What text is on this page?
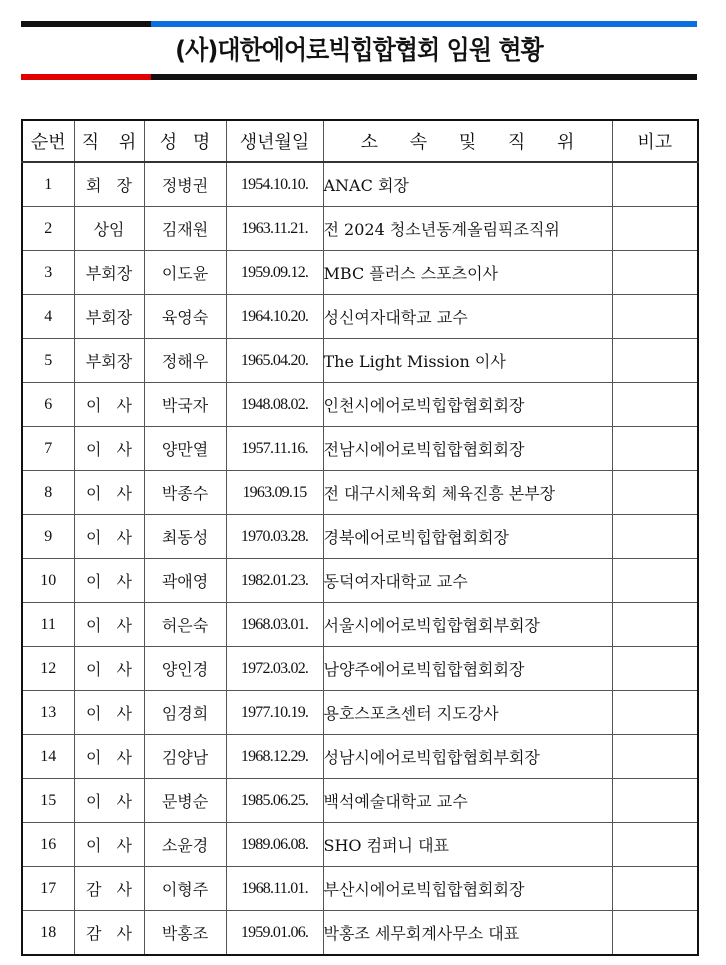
(사)대한에어로빅힙합협회 임원 현황
순번	직 위	성 명	생년월일	소 속 및 직 위	비고
1	회 장	정병권	1954.10.10.	ANAC 회장	
2	상임	김재원	1963.11.21.	전 2024 청소년동계올림픽조직위	
3	부회장	이도윤	1959.09.12.	MBC 플러스 스포츠이사	
4	부회장	육영숙	1964.10.20.	성신여자대학교 교수	
5	부회장	정해우	1965.04.20.	The Light Mission 이사	
6	이 사	박국자	1948.08.02.	인천시에어로빅힙합협회회장	
7	이 사	양만열	1957.11.16.	전남시에어로빅힙합협회회장	
8	이 사	박종수	1963.09.15	전 대구시체육회 체육진흥 본부장	
9	이 사	최동성	1970.03.28.	경북에어로빅힙합협회회장	
10	이 사	곽애영	1982.01.23.	동덕여자대학교 교수	
11	이 사	허은숙	1968.03.01.	서울시에어로빅힙합협회부회장	
12	이 사	양인경	1972.03.02.	남양주에어로빅힙합협회회장	
13	이 사	임경희	1977.10.19.	용호스포츠센터 지도강사	
14	이 사	김양남	1968.12.29.	성남시에어로빅힙합협회부회장	
15	이 사	문병순	1985.06.25.	백석예술대학교 교수	
16	이 사	소윤경	1989.06.08.	SHO 컴퍼니 대표	
17	감 사	이형주	1968.11.01.	부산시에어로빅힙합협회회장	
18	감 사	박홍조	1959.01.06.	박홍조 세무회계사무소 대표	
